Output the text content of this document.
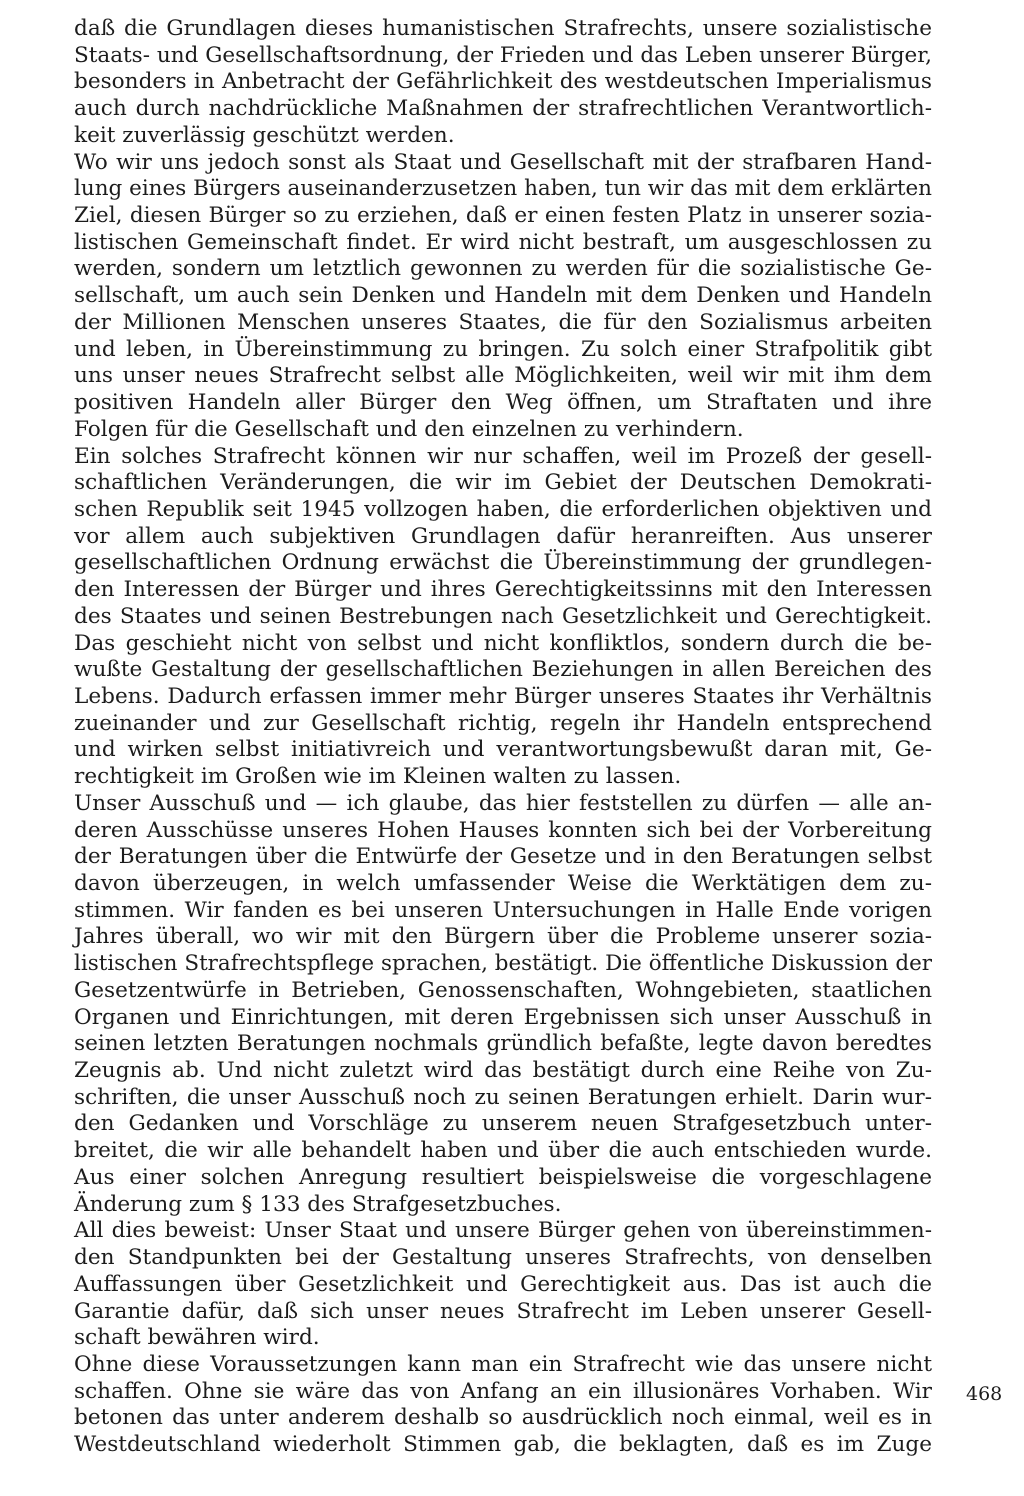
daß die Grundlagen dieses humanistischen Strafrechts, unsere sozialistische
Staats- und Gesellschaftsordnung, der Frieden und das Leben unserer Bürger,
besonders in Anbetracht der Gefährlichkeit des westdeutschen Imperialismus
auch durch nachdrückliche Maßnahmen der strafrechtlichen Verantwortlich-
keit zuverlässig geschützt werden.
Wo wir uns jedoch sonst als Staat und Gesellschaft mit der strafbaren Hand-
lung eines Bürgers auseinanderzusetzen haben, tun wir das mit dem erklärten
Ziel, diesen Bürger so zu erziehen, daß er einen festen Platz in unserer sozia-
listischen Gemeinschaft findet. Er wird nicht bestraft, um ausgeschlossen zu
werden, sondern um letztlich gewonnen zu werden für die sozialistische Ge-
sellschaft, um auch sein Denken und Handeln mit dem Denken und Handeln
der Millionen Menschen unseres Staates, die für den Sozialismus arbeiten
und leben, in Übereinstimmung zu bringen. Zu solch einer Strafpolitik gibt
uns unser neues Strafrecht selbst alle Möglichkeiten, weil wir mit ihm dem
positiven Handeln aller Bürger den Weg öffnen, um Straftaten und ihre
Folgen für die Gesellschaft und den einzelnen zu verhindern.
Ein solches Strafrecht können wir nur schaffen, weil im Prozeß der gesell-
schaftlichen Veränderungen, die wir im Gebiet der Deutschen Demokrati-
schen Republik seit 1945 vollzogen haben, die erforderlichen objektiven und
vor allem auch subjektiven Grundlagen dafür heranreiften. Aus unserer
gesellschaftlichen Ordnung erwächst die Übereinstimmung der grundlegen-
den Interessen der Bürger und ihres Gerechtigkeitssinns mit den Interessen
des Staates und seinen Bestrebungen nach Gesetzlichkeit und Gerechtigkeit.
Das geschieht nicht von selbst und nicht konfliktlos, sondern durch die be-
wußte Gestaltung der gesellschaftlichen Beziehungen in allen Bereichen des
Lebens. Dadurch erfassen immer mehr Bürger unseres Staates ihr Verhältnis
zueinander und zur Gesellschaft richtig, regeln ihr Handeln entsprechend
und wirken selbst initiativreich und verantwortungsbewußt daran mit, Ge-
rechtigkeit im Großen wie im Kleinen walten zu lassen.
Unser Ausschuß und — ich glaube, das hier feststellen zu dürfen — alle an-
deren Ausschüsse unseres Hohen Hauses konnten sich bei der Vorbereitung
der Beratungen über die Entwürfe der Gesetze und in den Beratungen selbst
davon überzeugen, in welch umfassender Weise die Werktätigen dem zu-
stimmen. Wir fanden es bei unseren Untersuchungen in Halle Ende vorigen
Jahres überall, wo wir mit den Bürgern über die Probleme unserer sozia-
listischen Strafrechtspflege sprachen, bestätigt. Die öffentliche Diskussion der
Gesetzentwürfe in Betrieben, Genossenschaften, Wohngebieten, staatlichen
Organen und Einrichtungen, mit deren Ergebnissen sich unser Ausschuß in
seinen letzten Beratungen nochmals gründlich befaßte, legte davon beredtes
Zeugnis ab. Und nicht zuletzt wird das bestätigt durch eine Reihe von Zu-
schriften, die unser Ausschuß noch zu seinen Beratungen erhielt. Darin wur-
den Gedanken und Vorschläge zu unserem neuen Strafgesetzbuch unter-
breitet, die wir alle behandelt haben und über die auch entschieden wurde.
Aus einer solchen Anregung resultiert beispielsweise die vorgeschlagene
Änderung zum § 133 des Strafgesetzbuches.
All dies beweist: Unser Staat und unsere Bürger gehen von übereinstimmen-
den Standpunkten bei der Gestaltung unseres Strafrechts, von denselben
Auffassungen über Gesetzlichkeit und Gerechtigkeit aus. Das ist auch die
Garantie dafür, daß sich unser neues Strafrecht im Leben unserer Gesell-
schaft bewähren wird.
Ohne diese Voraussetzungen kann man ein Strafrecht wie das unsere nicht
schaffen. Ohne sie wäre das von Anfang an ein illusionäres Vorhaben. Wir
betonen das unter anderem deshalb so ausdrücklich noch einmal, weil es in
Westdeutschland wiederholt Stimmen gab, die beklagten, daß es im Zuge
468
